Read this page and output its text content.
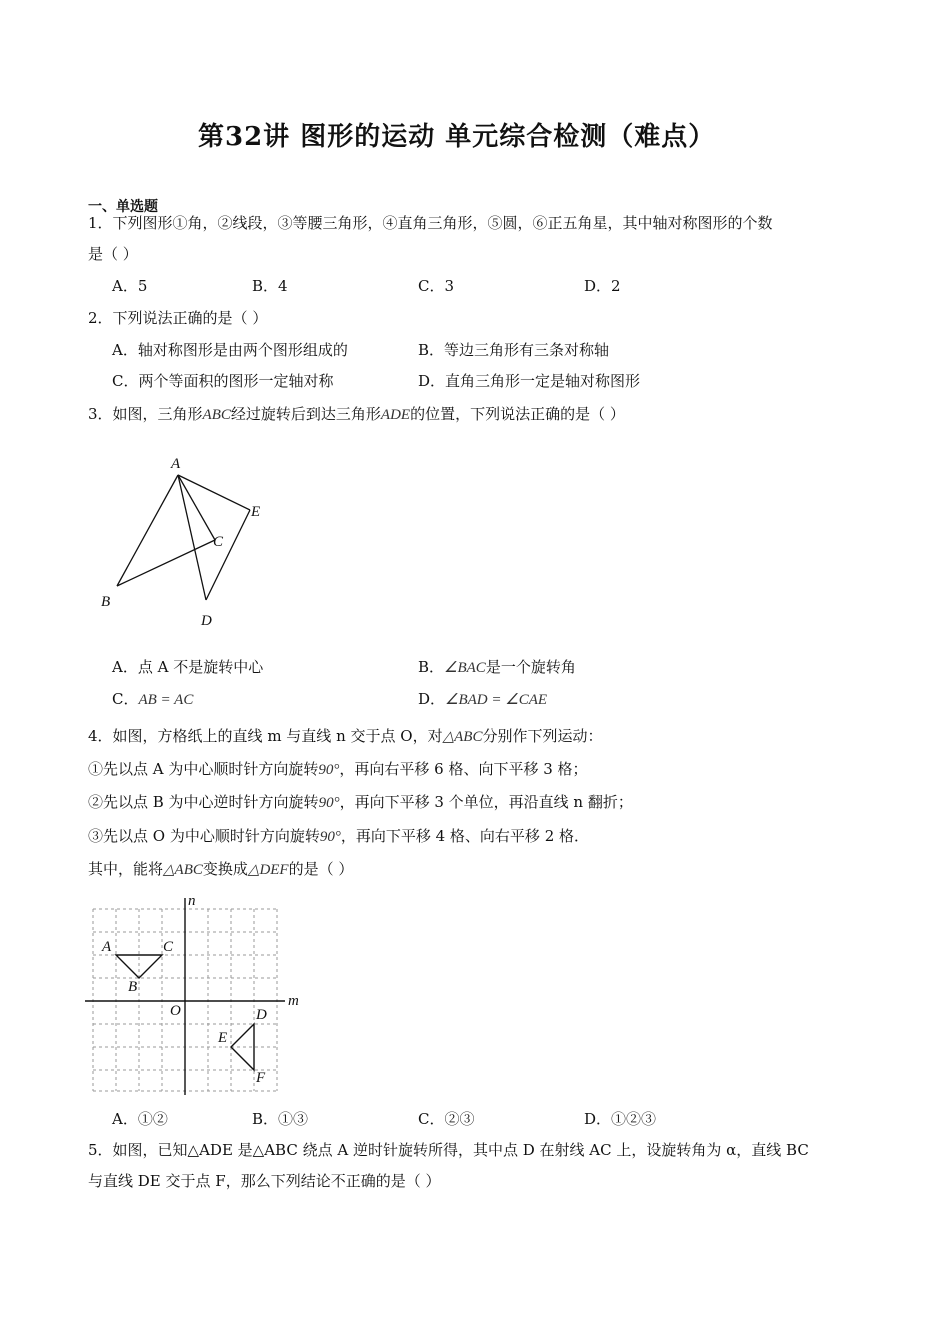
第32讲 图形的运动 单元综合检测（难点）
一、单选题
1．下列图形①角，②线段，③等腰三角形，④直角三角形，⑤圆，⑥正五角星，其中轴对称图形的个数
是（ ）
A．5	B．4	C．3	D．2
2．下列说法正确的是（ ）
A．轴对称图形是由两个图形组成的	B．等边三角形有三条对称轴
C．两个等面积的图形一定轴对称	D．直角三角形一定是轴对称图形
3．如图，三角形ABC经过旋转后到达三角形ADE的位置，下列说法正确的是（ ）
A
B
C
D
E
A．点 A 不是旋转中心	B．∠BAC是一个旋转角
C．AB = AC	D．∠BAD = ∠CAE
4．如图，方格纸上的直线 m 与直线 n 交于点 O，对△ABC分别作下列运动：
①先以点 A 为中心顺时针方向旋转90°，再向右平移 6 格、向下平移 3 格；
②先以点 B 为中心逆时针方向旋转90°，再向下平移 3 个单位，再沿直线 n 翻折；
③先以点 O 为中心顺时针方向旋转90°，再向下平移 4 格、向右平移 2 格．
其中，能将△ABC变换成△DEF的是（ ）
n
m
A	C
B
O	D
E
F
A．①②	B．①③	C．②③	D．①②③
5．如图，已知△ADE 是△ABC 绕点 A 逆时针旋转所得，其中点 D 在射线 AC 上，设旋转角为 α，直线 BC
与直线 DE 交于点 F，那么下列结论不正确的是（ ）
